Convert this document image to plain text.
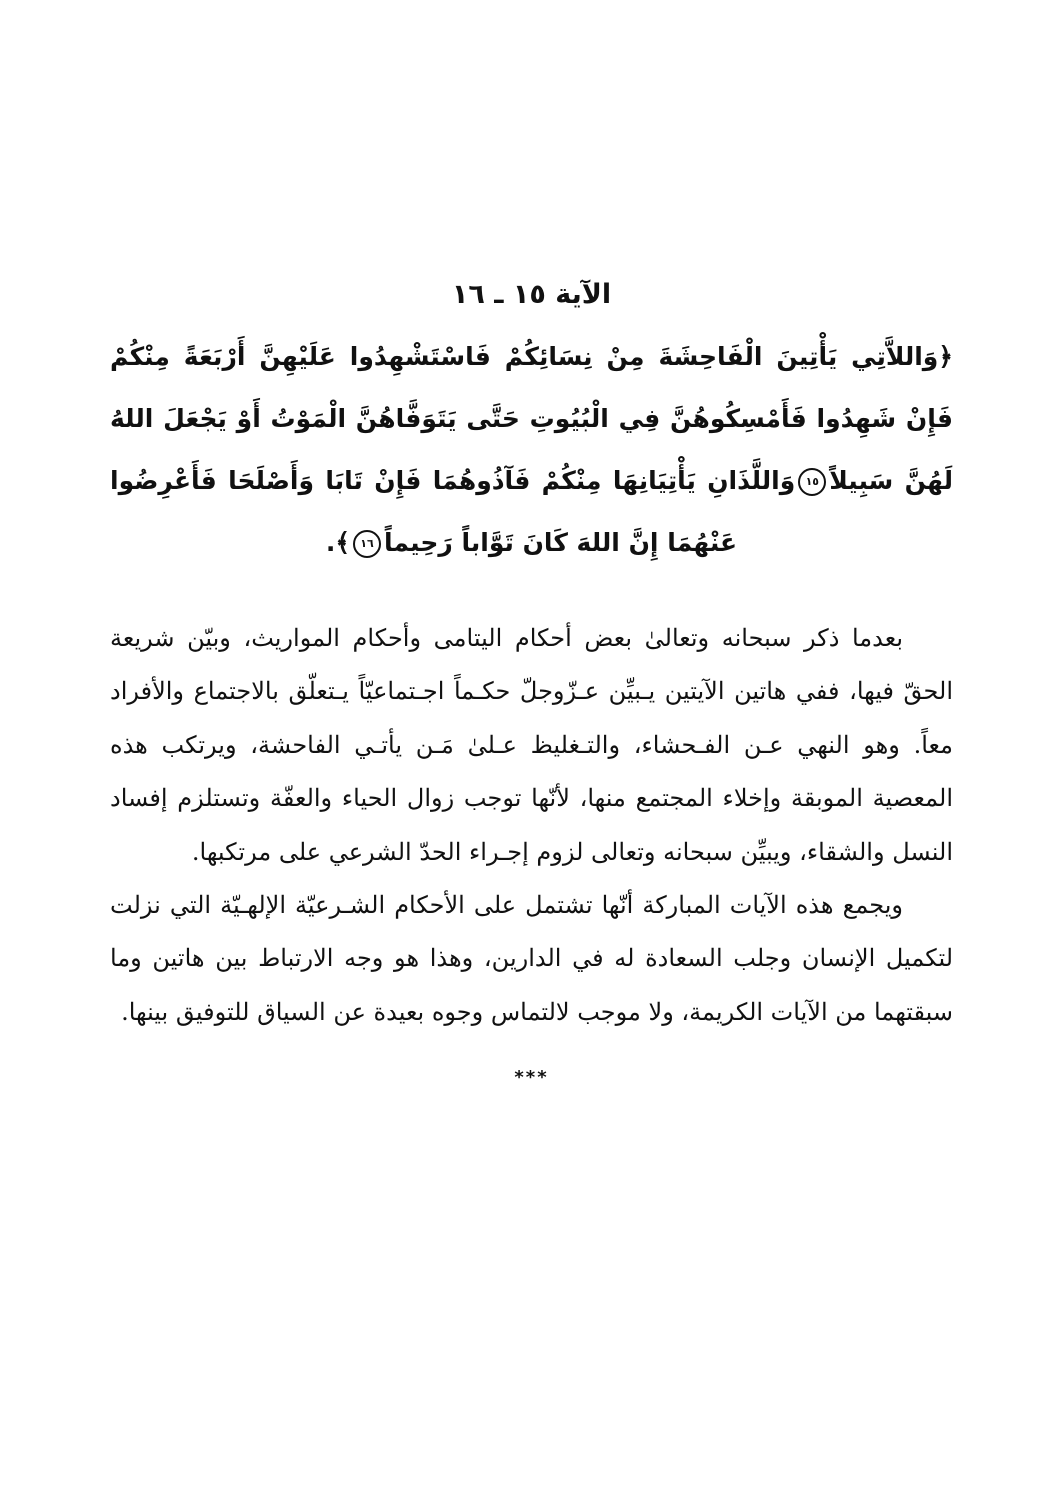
الآية ١٥ ـ ١٦

﴿وَاللاَّتِي يَأْتِينَ الْفَاحِشَةَ مِنْ نِسَائِكُمْ فَاسْتَشْهِدُوا عَلَيْهِنَّ أَرْبَعَةً مِنْكُمْ فَإِنْ شَهِدُوا فَأَمْسِكُوهُنَّ فِي الْبُيُوتِ حَتَّى يَتَوَفَّاهُنَّ الْمَوْتُ أَوْ يَجْعَلَ اللهُ لَهُنَّ سَبِيلاً١٥وَاللَّذَانِ يَأْتِيَانِهَا مِنْكُمْ فَآذُوهُمَا فَإِنْ تَابَا وَأَصْلَحَا فَأَعْرِضُوا عَنْهُمَا إِنَّ اللهَ كَانَ تَوَّاباً رَحِيماً١٦﴾.

بعدما ذكر سبحانه وتعالىٰ بعض أحكام اليتامى وأحكام المواريث، وبيّن شريعة الحقّ فيها، ففي هاتين الآيتين يـبيِّن عـزّوجلّ حكـماً اجـتماعيّاً يـتعلّق بالاجتماع والأفراد معاً. وهو النهي عـن الفـحشاء، والتـغليظ عـلىٰ مَـن يأتـي الفاحشة، ويرتكب هذه المعصية الموبقة وإخلاء المجتمع منها، لأنّها توجب زوال الحياء والعفّة وتستلزم إفساد النسل والشقاء، ويبيِّن سبحانه وتعالى لزوم إجـراء الحدّ الشرعي على مرتكبها.

ويجمع هذه الآيات المباركة أنّها تشتمل على الأحكام الشـرعيّة الإلهـيّة التي نزلت لتكميل الإنسان وجلب السعادة له في الدارين، وهذا هو وجه الارتباط بين هاتين وما سبقتهما من الآيات الكريمة، ولا موجب لالتماس وجوه بعيدة عن السياق للتوفيق بينها.

***
